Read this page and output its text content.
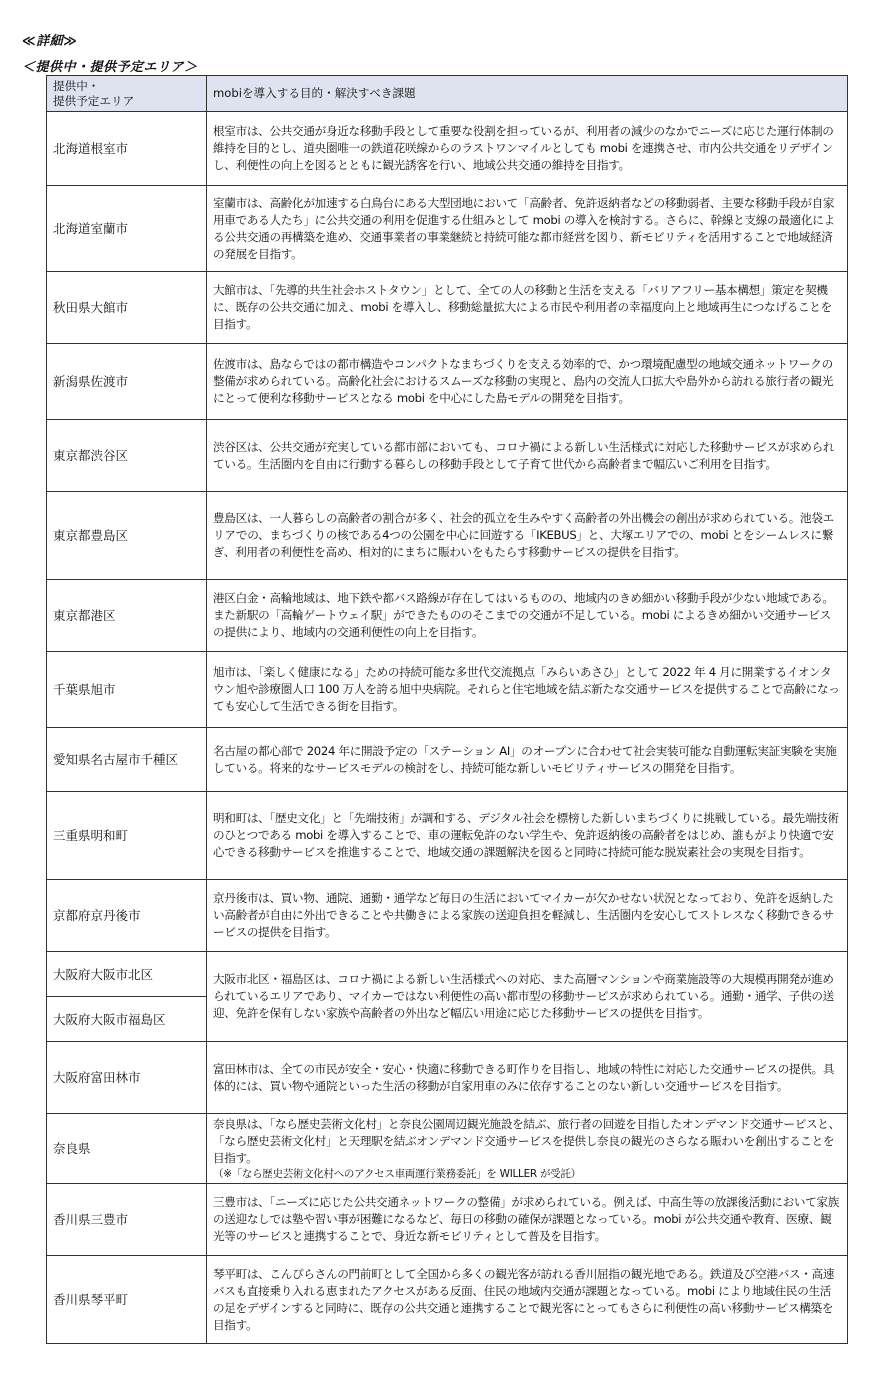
≪詳細≫
＜提供中・提供予定エリア＞
提供中・
提供予定エリア	mobiを導入する目的・解決すべき課題
北海道根室市	根室市は、公共交通が身近な移動手段として重要な役割を担っているが、利用者の減少のなかでニーズに応じた運行体制の維持を目的とし、道央圏唯一の鉄道花咲線からのラストワンマイルとしても mobi を連携させ、市内公共交通をリデザインし、利便性の向上を図るとともに観光誘客を行い、地域公共交通の維持を目指す。
北海道室蘭市	室蘭市は、高齢化が加速する白鳥台にある大型団地において「高齢者、免許返納者などの移動弱者、主要な移動手段が自家用車である人たち」に公共交通の利用を促進する仕組みとして mobi の導入を検討する。さらに、幹線と支線の最適化による公共交通の再構築を進め、交通事業者の事業継続と持続可能な都市経営を図り、新モビリティを活用することで地域経済の発展を目指す。
秋田県大館市	大館市は、「先導的共生社会ホストタウン」として、全ての人の移動と生活を支える「バリアフリー基本構想」策定を契機に、既存の公共交通に加え、mobi を導入し、移動総量拡大による市民や利用者の幸福度向上と地域再生につなげることを目指す。
新潟県佐渡市	佐渡市は、島ならではの都市構造やコンパクトなまちづくりを支える効率的で、かつ環境配慮型の地域交通ネットワークの整備が求められている。高齢化社会におけるスムーズな移動の実現と、島内の交流人口拡大や島外から訪れる旅行者の観光にとって便利な移動サービスとなる mobi を中心にした島モデルの開発を目指す。
東京都渋谷区	渋谷区は、公共交通が充実している都市部においても、コロナ禍による新しい生活様式に対応した移動サービスが求められている。生活圏内を自由に行動する暮らしの移動手段として子育て世代から高齢者まで幅広いご利用を目指す。
東京都豊島区	豊島区は、一人暮らしの高齢者の割合が多く、社会的孤立を生みやすく高齢者の外出機会の創出が求められている。池袋エリアでの、まちづくりの核である4つの公園を中心に回遊する「IKEBUS」と、大塚エリアでの、mobi とをシームレスに繋ぎ、利用者の利便性を高め、相対的にまちに賑わいをもたらす移動サービスの提供を目指す。
東京都港区	港区白金・高輪地域は、地下鉄や都バス路線が存在してはいるものの、地域内のきめ細かい移動手段が少ない地域である。また新駅の「高輪ゲートウェイ駅」ができたもののそこまでの交通が不足している。mobi によるきめ細かい交通サービスの提供により、地域内の交通利便性の向上を目指す。
千葉県旭市	旭市は、「楽しく健康になる」ための持続可能な多世代交流拠点「みらいあさひ」として 2022 年 4 月に開業するイオンタウン旭や診療圏人口 100 万人を誇る旭中央病院。それらと住宅地域を結ぶ新たな交通サービスを提供することで高齢になっても安心して生活できる街を目指す。
愛知県名古屋市千種区	名古屋の都心部で 2024 年に開設予定の「ステーション AI」のオープンに合わせて社会実装可能な自動運転実証実験を実施している。将来的なサービスモデルの検討をし、持続可能な新しいモビリティサービスの開発を目指す。
三重県明和町	明和町は、「歴史文化」と「先端技術」が調和する、デジタル社会を標榜した新しいまちづくりに挑戦している。最先端技術のひとつである mobi を導入することで、車の運転免許のない学生や、免許返納後の高齢者をはじめ、誰もがより快適で安心できる移動サービスを推進することで、地域交通の課題解決を図ると同時に持続可能な脱炭素社会の実現を目指す。
京都府京丹後市	京丹後市は、買い物、通院、通勤・通学など毎日の生活においてマイカーが欠かせない状況となっており、免許を返納したい高齢者が自由に外出できることや共働きによる家族の送迎負担を軽減し、生活圏内を安心してストレスなく移動できるサービスの提供を目指す。
大阪府大阪市北区	大阪市北区・福島区は、コロナ禍による新しい生活様式への対応、また高層マンションや商業施設等の大規模再開発が進められているエリアであり、マイカーではない利便性の高い都市型の移動サービスが求められている。通勤・通学、子供の送迎、免許を保有しない家族や高齢者の外出など幅広い用途に応じた移動サービスの提供を目指す。
大阪府大阪市福島区	
大阪府富田林市	富田林市は、全ての市民が安全・安心・快適に移動できる町作りを目指し、地域の特性に対応した交通サービスの提供。具体的には、買い物や通院といった生活の移動が自家用車のみに依存することのない新しい交通サービスを目指す。
奈良県	奈良県は、「なら歴史芸術文化村」と奈良公園周辺観光施設を結ぶ、旅行者の回遊を目指したオンデマンド交通サービスと、「なら歴史芸術文化村」と天理駅を結ぶオンデマンド交通サービスを提供し奈良の観光のさらなる賑わいを創出することを目指す。
（※「なら歴史芸術文化村へのアクセス車両運行業務委託」を WILLER が受託）

香川県三豊市	三豊市は、「ニーズに応じた公共交通ネットワークの整備」が求められている。例えば、中高生等の放課後活動において家族の送迎なしでは塾や習い事が困難になるなど、毎日の移動の確保が課題となっている。mobi が公共交通や教育、医療、観光等のサービスと連携することで、身近な新モビリティとして普及を目指す。
香川県琴平町	琴平町は、こんぴらさんの門前町として全国から多くの観光客が訪れる香川屈指の観光地である。鉄道及び空港バス・高速バスも直接乗り入れる恵まれたアクセスがある反面、住民の地域内交通が課題となっている。mobi により地域住民の生活の足をデザインすると同時に、既存の公共交通と連携することで観光客にとってもさらに利便性の高い移動サービス構築を目指す。
